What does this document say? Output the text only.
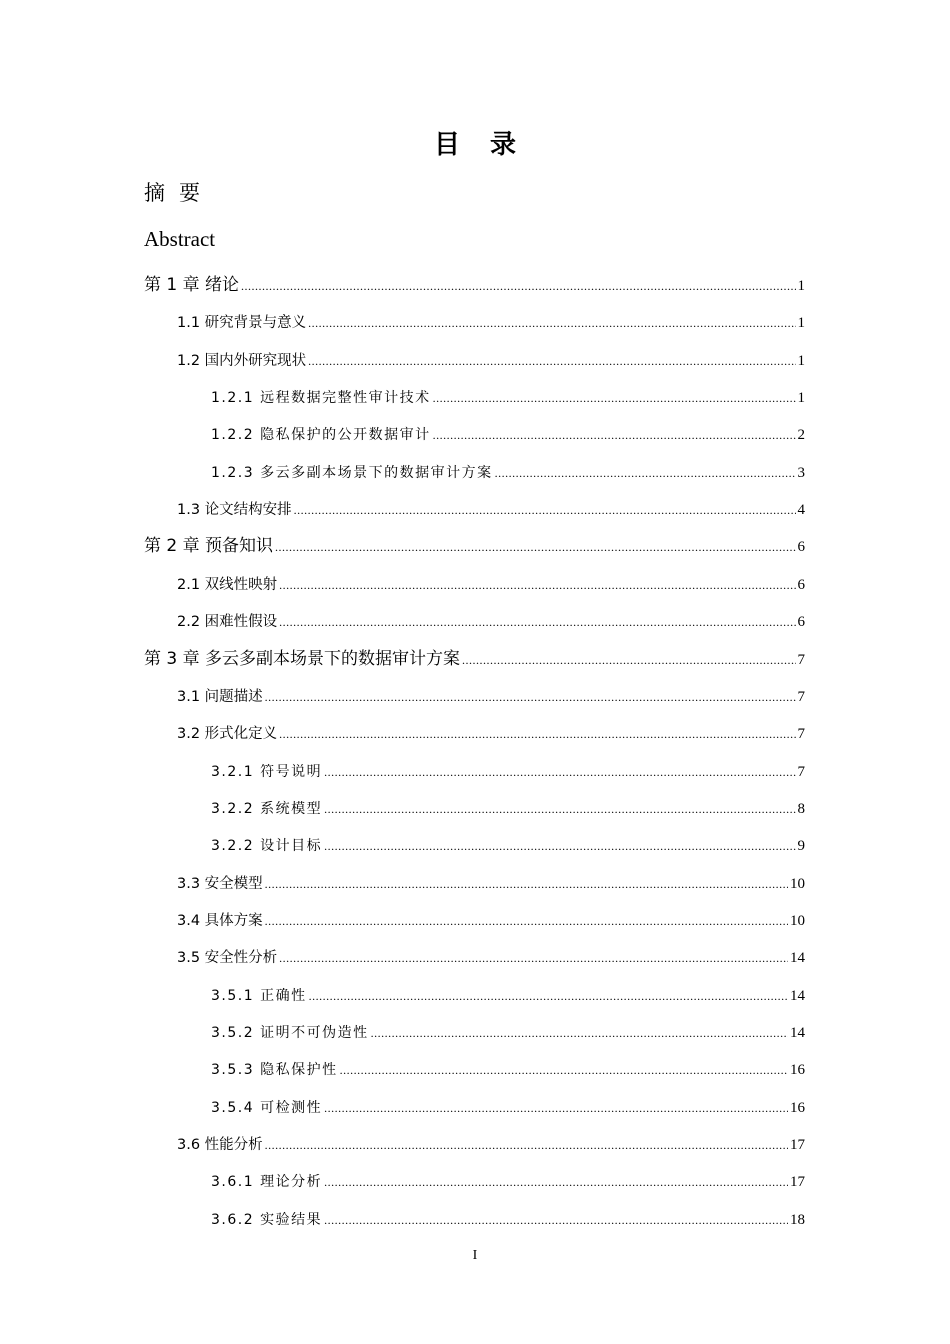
目录
摘要
Abstract
第 1 章 绪论 .....	1
1.1 研究背景与意义 .....	1
1.2 国内外研究现状 .....	1
1.2.1 远程数据完整性审计技术 .....	1
1.2.2 隐私保护的公开数据审计 .....	2
1.2.3 多云多副本场景下的数据审计方案 .....	3
1.3 论文结构安排 .....	4
第 2 章 预备知识 .....	6
2.1 双线性映射 .....	6
2.2 困难性假设 .....	6
第 3 章 多云多副本场景下的数据审计方案 .....	7
3.1 问题描述 .....	7
3.2 形式化定义 .....	7
3.2.1 符号说明 .....	7
3.2.2 系统模型 .....	8
3.2.2 设计目标 .....	9
3.3 安全模型 .....	10
3.4 具体方案 .....	10
3.5 安全性分析 .....	14
3.5.1 正确性 .....	14
3.5.2 证明不可伪造性 .....	14
3.5.3 隐私保护性 .....	16
3.5.4 可检测性 .....	16
3.6 性能分析 .....	17
3.6.1 理论分析 .....	17
3.6.2 实验结果 .....	18
I
